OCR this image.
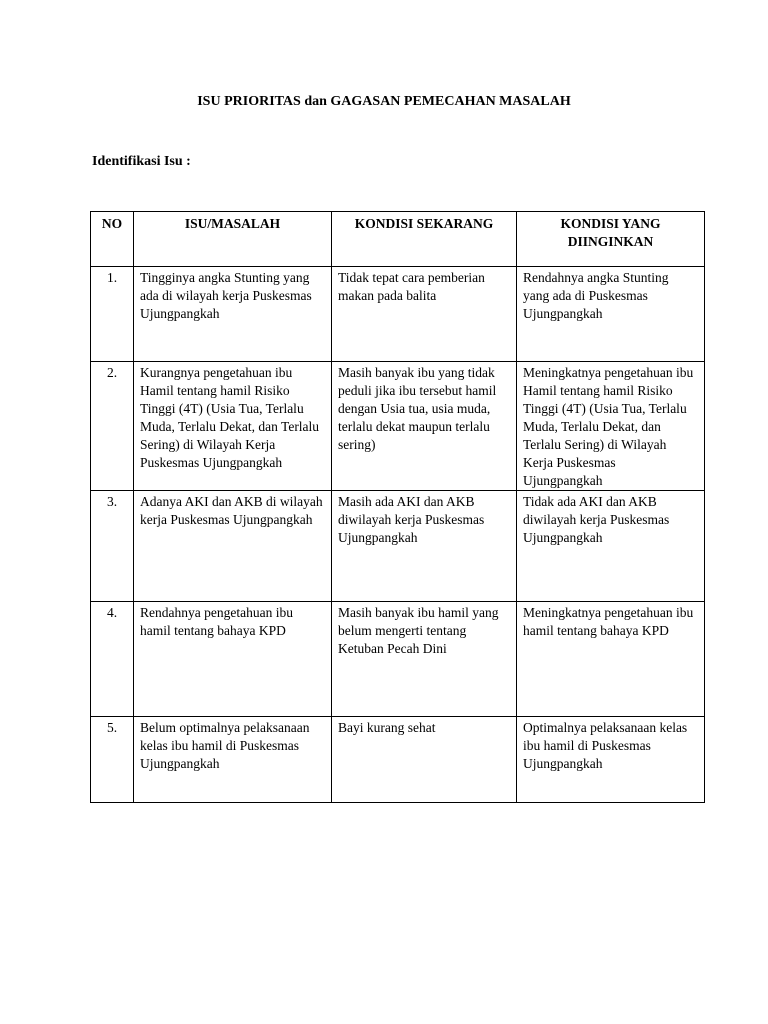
ISU PRIORITAS dan GAGASAN PEMECAHAN MASALAH
Identifikasi Isu :
NO	ISU/MASALAH	KONDISI SEKARANG	KONDISI YANG DIINGINKAN
1.	Tingginya angka Stunting yang ada di wilayah kerja Puskesmas Ujungpangkah	Tidak tepat cara pemberian makan pada balita	Rendahnya angka Stunting yang ada di Puskesmas Ujungpangkah
2.	Kurangnya pengetahuan ibu Hamil tentang hamil Risiko Tinggi (4T) (Usia Tua, Terlalu Muda, Terlalu Dekat, dan Terlalu Sering) di Wilayah Kerja Puskesmas Ujungpangkah	Masih banyak ibu yang tidak peduli jika ibu tersebut hamil dengan Usia tua, usia muda, terlalu dekat maupun terlalu sering)	Meningkatnya pengetahuan ibu Hamil tentang hamil Risiko Tinggi (4T) (Usia Tua, Terlalu Muda, Terlalu Dekat, dan Terlalu Sering) di Wilayah Kerja Puskesmas Ujungpangkah
3.	Adanya AKI dan AKB di wilayah kerja Puskesmas Ujungpangkah	Masih ada AKI dan AKB diwilayah kerja Puskesmas Ujungpangkah	Tidak ada AKI dan AKB diwilayah kerja Puskesmas Ujungpangkah
4.	Rendahnya pengetahuan ibu hamil tentang bahaya KPD	Masih banyak ibu hamil yang belum mengerti tentang Ketuban Pecah Dini	Meningkatnya pengetahuan ibu hamil tentang bahaya KPD
5.	Belum optimalnya pelaksanaan kelas ibu hamil di Puskesmas Ujungpangkah	Bayi kurang sehat	Optimalnya pelaksanaan kelas ibu hamil di Puskesmas Ujungpangkah
